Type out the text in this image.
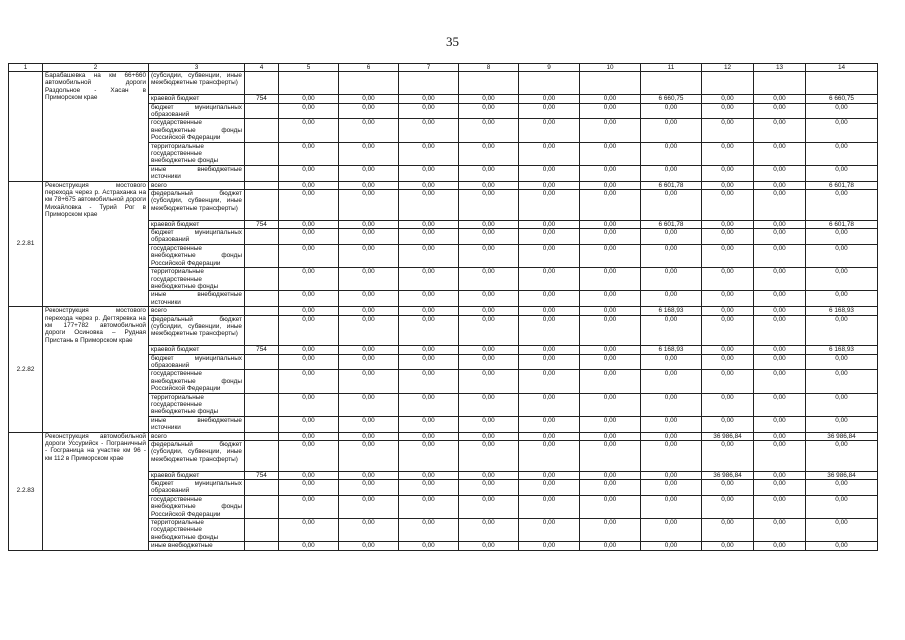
35
1	2	3	4	5	6	7	8	9	10	11	12	13	14
	Барабашевка на км 66+660 автомобильной дороги Раздольное - Хасан в Приморском крае	(субсидии, субвенции, иные межбюджетные трансферты)											
		краевой бюджет	754	0,00	0,00	0,00	0,00	0,00	0,00	6 660,75	0,00	0,00	6 660,75
		бюджет муниципальных образований		0,00	0,00	0,00	0,00	0,00	0,00	0,00	0,00	0,00	0,00
		государственные внебюджетные фонды Российской Федерации		0,00	0,00	0,00	0,00	0,00	0,00	0,00	0,00	0,00	0,00
		территориальные государственные внебюджетные фонды		0,00	0,00	0,00	0,00	0,00	0,00	0,00	0,00	0,00	0,00
		иные внебюджетные источники		0,00	0,00	0,00	0,00	0,00	0,00	0,00	0,00	0,00	0,00
2.2.81	Реконструкция мостового перехода через р. Астраханка на км 78+675 автомобильной дороги Михайловка - Турий Рог в Приморском крае	всего		0,00	0,00	0,00	0,00	0,00	0,00	6 601,78	0,00	0,00	6 601,78
		федеральный бюджет (субсидии, субвенции, иные межбюджетные трансферты)		0,00	0,00	0,00	0,00	0,00	0,00	0,00	0,00	0,00	0,00
		краевой бюджет	754	0,00	0,00	0,00	0,00	0,00	0,00	6 601,78	0,00	0,00	6 601,78
		бюджет муниципальных образований		0,00	0,00	0,00	0,00	0,00	0,00	0,00	0,00	0,00	0,00
		государственные внебюджетные фонды Российской Федерации		0,00	0,00	0,00	0,00	0,00	0,00	0,00	0,00	0,00	0,00
		территориальные государственные внебюджетные фонды		0,00	0,00	0,00	0,00	0,00	0,00	0,00	0,00	0,00	0,00
		иные внебюджетные источники		0,00	0,00	0,00	0,00	0,00	0,00	0,00	0,00	0,00	0,00
2.2.82	Реконструкция мостового перехода через р. Дегтяревка на км 177+782 автомобильной дороги Осиновка – Рудная Пристань в Приморском крае	всего		0,00	0,00	0,00	0,00	0,00	0,00	6 168,93	0,00	0,00	6 168,93
		федеральный бюджет (субсидии, субвенции, иные межбюджетные трансферты)		0,00	0,00	0,00	0,00	0,00	0,00	0,00	0,00	0,00	0,00
		краевой бюджет	754	0,00	0,00	0,00	0,00	0,00	0,00	6 168,93	0,00	0,00	6 168,93
		бюджет муниципальных образований		0,00	0,00	0,00	0,00	0,00	0,00	0,00	0,00	0,00	0,00
		государственные внебюджетные фонды Российской Федерации		0,00	0,00	0,00	0,00	0,00	0,00	0,00	0,00	0,00	0,00
		территориальные государственные внебюджетные фонды		0,00	0,00	0,00	0,00	0,00	0,00	0,00	0,00	0,00	0,00
		иные внебюджетные источники		0,00	0,00	0,00	0,00	0,00	0,00	0,00	0,00	0,00	0,00
2.2.83	Реконструкция автомобильной дороги Уссурийск - Пограничный - Госграница на участке км 96 - км 112 в Приморском крае	всего		0,00	0,00	0,00	0,00	0,00	0,00	0,00	36 986,84	0,00	36 986,84
		федеральный бюджет (субсидии, субвенции, иные межбюджетные трансферты)		0,00	0,00	0,00	0,00	0,00	0,00	0,00	0,00	0,00	0,00
		краевой бюджет	754	0,00	0,00	0,00	0,00	0,00	0,00	0,00	36 986,84	0,00	36 986,84
		бюджет муниципальных образований		0,00	0,00	0,00	0,00	0,00	0,00	0,00	0,00	0,00	0,00
		государственные внебюджетные фонды Российской Федерации		0,00	0,00	0,00	0,00	0,00	0,00	0,00	0,00	0,00	0,00
		территориальные государственные внебюджетные фонды		0,00	0,00	0,00	0,00	0,00	0,00	0,00	0,00	0,00	0,00
		иные внебюджетные		0,00	0,00	0,00	0,00	0,00	0,00	0,00	0,00	0,00	0,00
